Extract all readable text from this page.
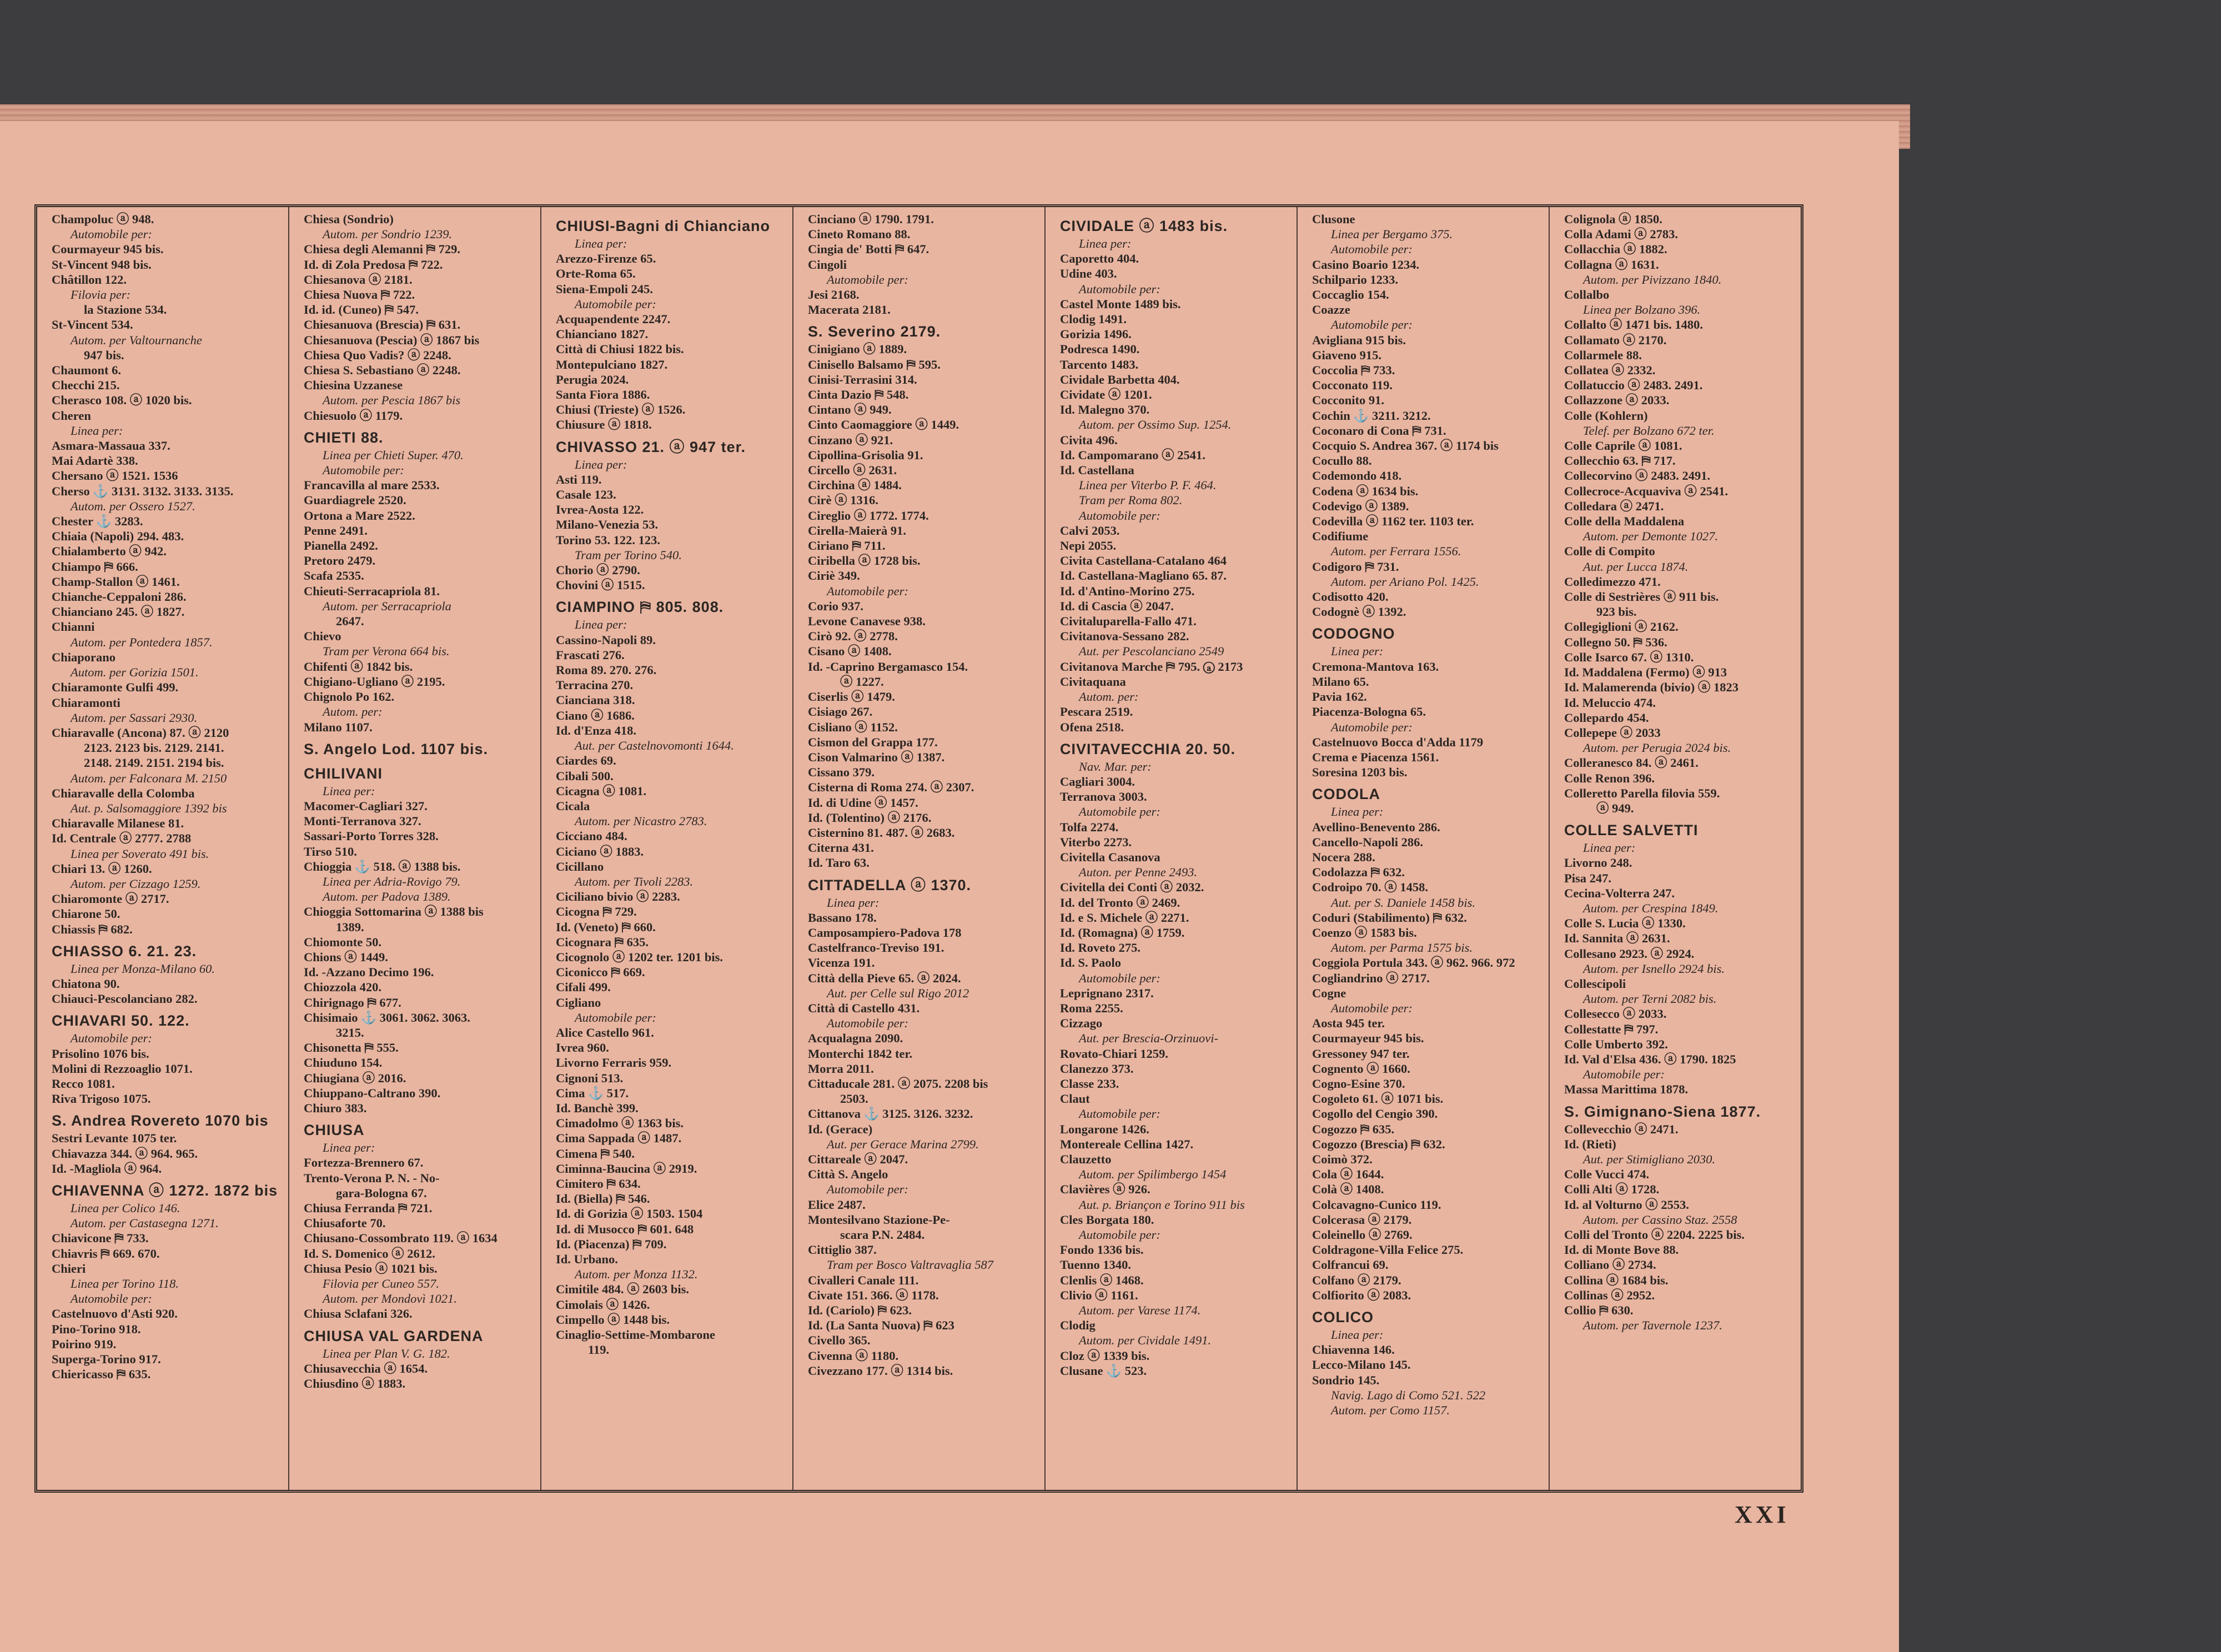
Champoluc ⓐ 948.
Automobile per:
Courmayeur 945 bis.
St-Vincent 948 bis.
Châtillon 122.
Filovia per:
la Stazione 534.
St-Vincent 534.
Autom. per Valtournanche
947 bis.
Chaumont 6.
Checchi 215.
Cherasco 108. ⓐ 1020 bis.
Cheren
Linea per:
Asmara-Massaua 337.
Mai Adartè 338.
Chersano ⓐ 1521. 1536
Cherso ⚓ 3131. 3132. 3133. 3135.
Autom. per Ossero 1527.
Chester ⚓ 3283.
Chiaia (Napoli) 294. 483.
Chialamberto ⓐ 942.
Chiampo ⛿ 666.
Champ-Stallon ⓐ 1461.
Chianche-Ceppaloni 286.
Chianciano 245. ⓐ 1827.
Chianni
Autom. per Pontedera 1857.
Chiaporano
Autom. per Gorizia 1501.
Chiaramonte Gulfi 499.
Chiaramonti
Autom. per Sassari 2930.
Chiaravalle (Ancona) 87. ⓐ 2120
2123. 2123 bis. 2129. 2141.
2148. 2149. 2151. 2194 bis.
Autom. per Falconara M. 2150
Chiaravalle della Colomba
Aut. p. Salsomaggiore 1392 bis
Chiaravalle Milanese 81.
Id. Centrale ⓐ 2777. 2788
Linea per Soverato 491 bis.
Chiari 13. ⓐ 1260.
Autom. per Cizzago 1259.
Chiaromonte ⓐ 2717.
Chiarone 50.
Chiassis ⛿ 682.
CHIASSO 6. 21. 23.
Linea per Monza-Milano 60.
Chiatona 90.
Chiauci-Pescolanciano 282.
CHIAVARI 50. 122.
Automobile per:
Prisolino 1076 bis.
Molini di Rezzoaglio 1071.
Recco 1081.
Riva Trigoso 1075.
S. Andrea Rovereto 1070 bis
Sestri Levante 1075 ter.
Chiavazza 344. ⓐ 964. 965.
Id. -Magliola ⓐ 964.
CHIAVENNA ⓐ 1272. 1872 bis
Linea per Colico 146.
Autom. per Castasegna 1271.
Chiavicone ⛿ 733.
Chiavris ⛿ 669. 670.
Chieri
Linea per Torino 118.
Automobile per:
Castelnuovo d'Asti 920.
Pino-Torino 918.
Poirino 919.
Superga-Torino 917.
Chiericasso ⛿ 635.
Chiesa (Sondrio)
Autom. per Sondrio 1239.
Chiesa degli Alemanni ⛿ 729.
Id. di Zola Predosa ⛿ 722.
Chiesanova ⓐ 2181.
Chiesa Nuova ⛿ 722.
Id. id. (Cuneo) ⛿ 547.
Chiesanuova (Brescia) ⛿ 631.
Chiesanuova (Pescia) ⓐ 1867 bis
Chiesa Quo Vadis? ⓐ 2248.
Chiesa S. Sebastiano ⓐ 2248.
Chiesina Uzzanese
Autom. per Pescia 1867 bis
Chiesuolo ⓐ 1179.
CHIETI 88.
Linea per Chieti Super. 470.
Automobile per:
Francavilla al mare 2533.
Guardiagrele 2520.
Ortona a Mare 2522.
Penne 2491.
Pianella 2492.
Pretoro 2479.
Scafa 2535.
Chieuti-Serracapriola 81.
Autom. per Serracapriola
2647.
Chievo
Tram per Verona 664 bis.
Chifenti ⓐ 1842 bis.
Chigiano-Ugliano ⓐ 2195.
Chignolo Po 162.
Autom. per:
Milano 1107.
S. Angelo Lod. 1107 bis.
CHILIVANI
Linea per:
Macomer-Cagliari 327.
Monti-Terranova 327.
Sassari-Porto Torres 328.
Tirso 510.
Chioggia ⚓ 518. ⓐ 1388 bis.
Linea per Adria-Rovigo 79.
Autom. per Padova 1389.
Chioggia Sottomarina ⓐ 1388 bis
1389.
Chiomonte 50.
Chions ⓐ 1449.
Id. -Azzano Decimo 196.
Chiozzola 420.
Chirignago ⛿ 677.
Chisimaio ⚓ 3061. 3062. 3063.
3215.
Chisonetta ⛿ 555.
Chiuduno 154.
Chiugiana ⓐ 2016.
Chiuppano-Caltrano 390.
Chiuro 383.
CHIUSA
Linea per:
Fortezza-Brennero 67.
Trento-Verona P. N. - No-
gara-Bologna 67.
Chiusa Ferranda ⛿ 721.
Chiusaforte 70.
Chiusano-Cossombrato 119. ⓐ 1634
Id. S. Domenico ⓐ 2612.
Chiusa Pesio ⓐ 1021 bis.
Filovia per Cuneo 557.
Autom. per Mondovì 1021.
Chiusa Sclafani 326.
CHIUSA VAL GARDENA
Linea per Plan V. G. 182.
Chiusavecchia ⓐ 1654.
Chiusdino ⓐ 1883.
CHIUSI-Bagni di Chianciano
Linea per:
Arezzo-Firenze 65.
Orte-Roma 65.
Siena-Empoli 245.
Automobile per:
Acquapendente 2247.
Chianciano 1827.
Città di Chiusi 1822 bis.
Montepulciano 1827.
Perugia 2024.
Santa Fiora 1886.
Chiusi (Trieste) ⓐ 1526.
Chiusure ⓐ 1818.
CHIVASSO 21. ⓐ 947 ter.
Linea per:
Asti 119.
Casale 123.
Ivrea-Aosta 122.
Milano-Venezia 53.
Torino 53. 122. 123.
Tram per Torino 540.
Chorio ⓐ 2790.
Chovini ⓐ 1515.
CIAMPINO ⛿ 805. 808.
Linea per:
Cassino-Napoli 89.
Frascati 276.
Roma 89. 270. 276.
Terracina 270.
Cianciana 318.
Ciano ⓐ 1686.
Id. d'Enza 418.
Aut. per Castelnovomonti 1644.
Ciardes 69.
Cibali 500.
Cicagna ⓐ 1081.
Cicala
Autom. per Nicastro 2783.
Cicciano 484.
Ciciano ⓐ 1883.
Cicillano
Autom. per Tivoli 2283.
Ciciliano bivio ⓐ 2283.
Cicogna ⛿ 729.
Id. (Veneto) ⛿ 660.
Cicognara ⛿ 635.
Cicognolo ⓐ 1202 ter. 1201 bis.
Ciconicco ⛿ 669.
Cifali 499.
Cigliano
Automobile per:
Alice Castello 961.
Ivrea 960.
Livorno Ferraris 959.
Cignoni 513.
Cima ⚓ 517.
Id. Banchè 399.
Cimadolmo ⓐ 1363 bis.
Cima Sappada ⓐ 1487.
Cimena ⛿ 540.
Ciminna-Baucina ⓐ 2919.
Cimitero ⛿ 634.
Id. (Biella) ⛿ 546.
Id. di Gorizia ⓐ 1503. 1504
Id. di Musocco ⛿ 601. 648
Id. (Piacenza) ⛿ 709.
Id. Urbano.
Autom. per Monza 1132.
Cimitile 484. ⓐ 2603 bis.
Cimolais ⓐ 1426.
Cimpello ⓐ 1448 bis.
Cinaglio-Settime-Mombarone
119.
Cinciano ⓐ 1790. 1791.
Cineto Romano 88.
Cingia de' Botti ⛿ 647.
Cingoli
Automobile per:
Jesi 2168.
Macerata 2181.
S. Severino 2179.
Cinigiano ⓐ 1889.
Cinisello Balsamo ⛿ 595.
Cinisi-Terrasini 314.
Cinta Dazio ⛿ 548.
Cintano ⓐ 949.
Cinto Caomaggiore ⓐ 1449.
Cinzano ⓐ 921.
Cipollina-Grisolia 91.
Circello ⓐ 2631.
Circhina ⓐ 1484.
Cirè ⓐ 1316.
Cireglio ⓐ 1772. 1774.
Cirella-Maierà 91.
Ciriano ⛿ 711.
Ciribella ⓐ 1728 bis.
Ciriè 349.
Automobile per:
Corio 937.
Levone Canavese 938.
Cirò 92. ⓐ 2778.
Cisano ⓐ 1408.
Id. -Caprino Bergamasco 154.
ⓐ 1227.
Ciserlis ⓐ 1479.
Cisiago 267.
Cisliano ⓐ 1152.
Cismon del Grappa 177.
Cison Valmarino ⓐ 1387.
Cissano 379.
Cisterna di Roma 274. ⓐ 2307.
Id. di Udine ⓐ 1457.
Id. (Tolentino) ⓐ 2176.
Cisternino 81. 487. ⓐ 2683.
Citerna 431.
Id. Taro 63.
CITTADELLA ⓐ 1370.
Linea per:
Bassano 178.
Camposampiero-Padova 178
Castelfranco-Treviso 191.
Vicenza 191.
Città della Pieve 65. ⓐ 2024.
Aut. per Celle sul Rigo 2012
Città di Castello 431.
Automobile per:
Acqualagna 2090.
Monterchi 1842 ter.
Morra 2011.
Cittaducale 281. ⓐ 2075. 2208 bis
2503.
Cittanova ⚓ 3125. 3126. 3232.
Id. (Gerace)
Aut. per Gerace Marina 2799.
Cittareale ⓐ 2047.
Città S. Angelo
Automobile per:
Elice 2487.
Montesilvano Stazione-Pe-
scara P.N. 2484.
Cittiglio 387.
Tram per Bosco Valtravaglia 587
Civalleri Canale 111.
Civate 151. 366. ⓐ 1178.
Id. (Cariolo) ⛿ 623.
Id. (La Santa Nuova) ⛿ 623
Civello 365.
Civenna ⓐ 1180.
Civezzano 177. ⓐ 1314 bis.
CIVIDALE ⓐ 1483 bis.
Linea per:
Caporetto 404.
Udine 403.
Automobile per:
Castel Monte 1489 bis.
Clodig 1491.
Gorizia 1496.
Podresca 1490.
Tarcento 1483.
Cividale Barbetta 404.
Cividate ⓐ 1201.
Id. Malegno 370.
Autom. per Ossimo Sup. 1254.
Civita 496.
Id. Campomarano ⓐ 2541.
Id. Castellana
Linea per Viterbo P. F. 464.
Tram per Roma 802.
Automobile per:
Calvi 2053.
Nepi 2055.
Civita Castellana-Catalano 464
Id. Castellana-Magliano 65. 87.
Id. d'Antino-Morino 275.
Id. di Cascia ⓐ 2047.
Civitaluparella-Fallo 471.
Civitanova-Sessano 282.
Aut. per Pescolanciano 2549
Civitanova Marche ⛿ 795. ⓐ 2173
Civitaquana
Autom. per:
Pescara 2519.
Ofena 2518.
CIVITAVECCHIA 20. 50.
Nav. Mar. per:
Cagliari 3004.
Terranova 3003.
Automobile per:
Tolfa 2274.
Viterbo 2273.
Civitella Casanova
Auton. per Penne 2493.
Civitella dei Conti ⓐ 2032.
Id. del Tronto ⓐ 2469.
Id. e S. Michele ⓐ 2271.
Id. (Romagna) ⓐ 1759.
Id. Roveto 275.
Id. S. Paolo
Automobile per:
Leprignano 2317.
Roma 2255.
Cizzago
Aut. per Brescia-Orzinuovi-
Rovato-Chiari 1259.
Clanezzo 373.
Classe 233.
Claut
Automobile per:
Longarone 1426.
Montereale Cellina 1427.
Clauzetto
Autom. per Spilimbergo 1454
Clavières ⓐ 926.
Aut. p. Briançon e Torino 911 bis
Cles Borgata 180.
Automobile per:
Fondo 1336 bis.
Tuenno 1340.
Clenlis ⓐ 1468.
Clivio ⓐ 1161.
Autom. per Varese 1174.
Clodig
Autom. per Cividale 1491.
Cloz ⓐ 1339 bis.
Clusane ⚓ 523.
Clusone
Linea per Bergamo 375.
Automobile per:
Casino Boario 1234.
Schilpario 1233.
Coccaglio 154.
Coazze
Automobile per:
Avigliana 915 bis.
Giaveno 915.
Coccolia ⛿ 733.
Cocconato 119.
Cocconito 91.
Cochin ⚓ 3211. 3212.
Coconaro di Cona ⛿ 731.
Cocquio S. Andrea 367. ⓐ 1174 bis
Cocullo 88.
Codemondo 418.
Codena ⓐ 1634 bis.
Codevigo ⓐ 1389.
Codevilla ⓐ 1162 ter. 1103 ter.
Codifiume
Autom. per Ferrara 1556.
Codigoro ⛿ 731.
Autom. per Ariano Pol. 1425.
Codisotto 420.
Codognè ⓐ 1392.
CODOGNO
Linea per:
Cremona-Mantova 163.
Milano 65.
Pavia 162.
Piacenza-Bologna 65.
Automobile per:
Castelnuovo Bocca d'Adda 1179
Crema e Piacenza 1561.
Soresina 1203 bis.
CODOLA
Linea per:
Avellino-Benevento 286.
Cancello-Napoli 286.
Nocera 288.
Codolazza ⛿ 632.
Codroipo 70. ⓐ 1458.
Aut. per S. Daniele 1458 bis.
Coduri (Stabilimento) ⛿ 632.
Coenzo ⓐ 1583 bis.
Autom. per Parma 1575 bis.
Coggiola Portula 343. ⓐ 962. 966. 972
Cogliandrino ⓐ 2717.
Cogne
Automobile per:
Aosta 945 ter.
Courmayeur 945 bis.
Gressoney 947 ter.
Cognento ⓐ 1660.
Cogno-Esine 370.
Cogoleto 61. ⓐ 1071 bis.
Cogollo del Cengio 390.
Cogozzo ⛿ 635.
Cogozzo (Brescia) ⛿ 632.
Coimò 372.
Cola ⓐ 1644.
Colà ⓐ 1408.
Colcavagno-Cunico 119.
Colcerasa ⓐ 2179.
Coleinello ⓐ 2769.
Coldragone-Villa Felice 275.
Colfrancui 69.
Colfano ⓐ 2179.
Colfiorito ⓐ 2083.
COLICO
Linea per:
Chiavenna 146.
Lecco-Milano 145.
Sondrio 145.
Navig. Lago di Como 521. 522
Autom. per Como 1157.
Colignola ⓐ 1850.
Colla Adami ⓐ 2783.
Collacchia ⓐ 1882.
Collagna ⓐ 1631.
Autom. per Pivizzano 1840.
Collalbo
Linea per Bolzano 396.
Collalto ⓐ 1471 bis. 1480.
Collamato ⓐ 2170.
Collarmele 88.
Collatea ⓐ 2332.
Collatuccio ⓐ 2483. 2491.
Collazzone ⓐ 2033.
Colle (Kohlern)
Telef. per Bolzano 672 ter.
Colle Caprile ⓐ 1081.
Collecchio 63. ⛿ 717.
Collecorvino ⓐ 2483. 2491.
Collecroce-Acquaviva ⓐ 2541.
Colledara ⓐ 2471.
Colle della Maddalena
Autom. per Demonte 1027.
Colle di Compito
Aut. per Lucca 1874.
Colledimezzo 471.
Colle di Sestrières ⓐ 911 bis.
923 bis.
Collegiglioni ⓐ 2162.
Collegno 50. ⛿ 536.
Colle Isarco 67. ⓐ 1310.
Id. Maddalena (Fermo) ⓐ 913
Id. Malamerenda (bivio) ⓐ 1823
Id. Meluccio 474.
Collepardo 454.
Collepepe ⓐ 2033
Autom. per Perugia 2024 bis.
Colleranesco 84. ⓐ 2461.
Colle Renon 396.
Colleretto Parella filovia 559.
ⓐ 949.
COLLE SALVETTI
Linea per:
Livorno 248.
Pisa 247.
Cecina-Volterra 247.
Autom. per Crespina 1849.
Colle S. Lucia ⓐ 1330.
Id. Sannita ⓐ 2631.
Collesano 2923. ⓐ 2924.
Autom. per Isnello 2924 bis.
Collescipoli
Autom. per Terni 2082 bis.
Collesecco ⓐ 2033.
Collestatte ⛿ 797.
Colle Umberto 392.
Id. Val d'Elsa 436. ⓐ 1790. 1825
Automobile per:
Massa Marittima 1878.
S. Gimignano-Siena 1877.
Collevecchio ⓐ 2471.
Id. (Rieti)
Aut. per Stimigliano 2030.
Colle Vucci 474.
Colli Alti ⓐ 1728.
Id. al Volturno ⓐ 2553.
Autom. per Cassino Staz. 2558
Colli del Tronto ⓐ 2204. 2225 bis.
Id. di Monte Bove 88.
Colliano ⓐ 2734.
Collina ⓐ 1684 bis.
Collinas ⓐ 2952.
Collio ⛿ 630.
Autom. per Tavernole 1237.
XXI
